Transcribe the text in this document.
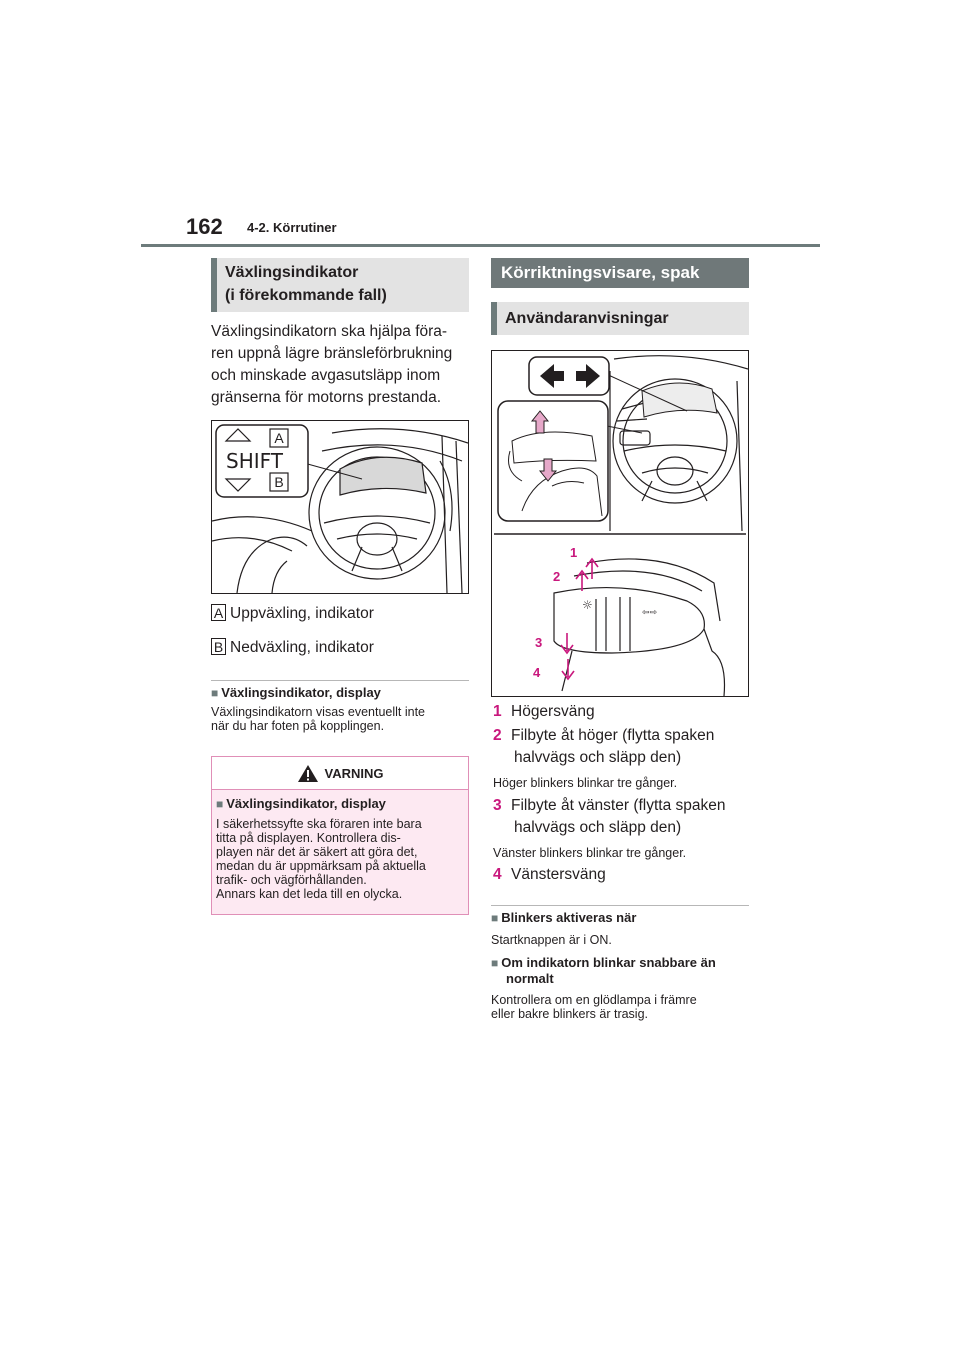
162 4-2. Körrutiner
Växlingsindikator
(i förekommande fall)
Växlingsindikatorn ska hjälpa föra-
ren uppnå lägre bränsleförbrukning
och minskade avgasutsläpp inom
gränserna för motorns prestanda.
A
B
SHIFT
A Uppväxling, indikator
B Nedväxling, indikator
■ Växlingsindikator, display
Växlingsindikatorn visas eventuellt inte
när du har foten på kopplingen.
VARNING
■ Växlingsindikator, display
I säkerhetssyfte ska föraren inte bara
titta på displayen. Kontrollera dis-
playen när det är säkert att göra det,
medan du är uppmärksam på aktuella
trafik- och vägförhållanden.
Annars kan det leda till en olycka.
Körriktningsvisare, spak
Användaranvisningar
☼
⇦⇨
1
2
3
4
1 Högersväng
2 Filbyte åt höger (flytta spaken
halvvägs och släpp den)
Höger blinkers blinkar tre gånger.
3 Filbyte åt vänster (flytta spaken
halvvägs och släpp den)
Vänster blinkers blinkar tre gånger.
4 Vänstersväng
■ Blinkers aktiveras när
Startknappen är i ON.
■ Om indikatorn blinkar snabbare än
normalt
Kontrollera om en glödlampa i främre
eller bakre blinkers är trasig.
